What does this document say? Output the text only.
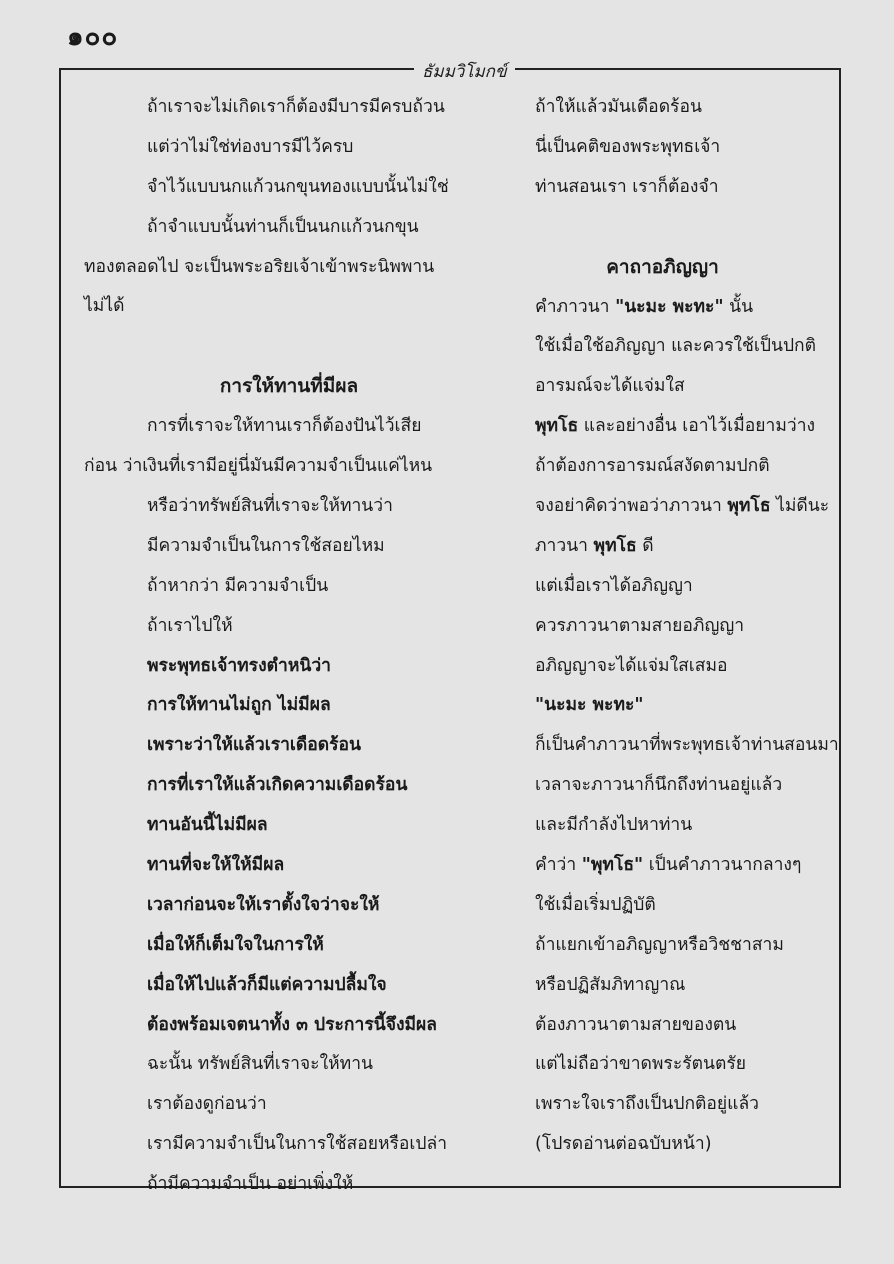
๑๐๐
ธัมมวิโมกข์
ถ้าเราจะไม่เกิดเราก็ต้องมีบารมีครบถ้วน
แต่ว่าไม่ใช่ท่องบารมีไว้ครบ
จำไว้แบบนกแก้วนกขุนทองแบบนั้นไม่ใช่
ถ้าจำแบบนั้นท่านก็เป็นนกแก้วนกขุน
ทองตลอดไป จะเป็นพระอริยเจ้าเข้าพระนิพพาน
ไม่ได้
การให้ทานที่มีผล
การที่เราจะให้ทานเราก็ต้องปันไว้เสีย
ก่อน ว่าเงินที่เรามีอยู่นี่มันมีความจำเป็นแค่ไหน
หรือว่าทรัพย์สินที่เราจะให้ทานว่า
มีความจำเป็นในการใช้สอยไหม
ถ้าหากว่า มีความจำเป็น
ถ้าเราไปให้
พระพุทธเจ้าทรงตำหนิว่า
การให้ทานไม่ถูก ไม่มีผล
เพราะว่าให้แล้วเราเดือดร้อน
การที่เราให้แล้วเกิดความเดือดร้อน
ทานอันนี้ไม่มีผล
ทานที่จะให้ให้มีผล
เวลาก่อนจะให้เราตั้งใจว่าจะให้
เมื่อให้ก็เต็มใจในการให้
เมื่อให้ไปแล้วก็มีแต่ความปลื้มใจ
ต้องพร้อมเจตนาทั้ง ๓ ประการนี้จึงมีผล
ฉะนั้น ทรัพย์สินที่เราจะให้ทาน
เราต้องดูก่อนว่า
เรามีความจำเป็นในการใช้สอยหรือเปล่า
ถ้ามีความจำเป็น อย่าเพิ่งให้
ถ้าให้แล้วมันเดือดร้อน
นี่เป็นคติของพระพุทธเจ้า
ท่านสอนเรา เราก็ต้องจำ
คาถาอภิญญา
คำภาวนา "นะมะ พะทะ" นั้น
ใช้เมื่อใช้อภิญญา และควรใช้เป็นปกติ
อารมณ์จะได้แจ่มใส
พุทโธ และอย่างอื่น เอาไว้เมื่อยามว่าง
ถ้าต้องการอารมณ์สงัดตามปกติ
จงอย่าคิดว่าพอว่าภาวนา พุทโธ ไม่ดีนะ
ภาวนา พุทโธ ดี
แต่เมื่อเราได้อภิญญา
ควรภาวนาตามสายอภิญญา
อภิญญาจะได้แจ่มใสเสมอ
"นะมะ พะทะ"
ก็เป็นคำภาวนาที่พระพุทธเจ้าท่านสอนมา
เวลาจะภาวนาก็นึกถึงท่านอยู่แล้ว
และมีกำลังไปหาท่าน
คำว่า "พุทโธ" เป็นคำภาวนากลางๆ
ใช้เมื่อเริ่มปฏิบัติ
ถ้าแยกเข้าอภิญญาหรือวิชชาสาม
หรือปฏิสัมภิทาญาณ
ต้องภาวนาตามสายของตน
แต่ไม่ถือว่าขาดพระรัตนตรัย
เพราะใจเราถึงเป็นปกติอยู่แล้ว
(โปรดอ่านต่อฉบับหน้า)
